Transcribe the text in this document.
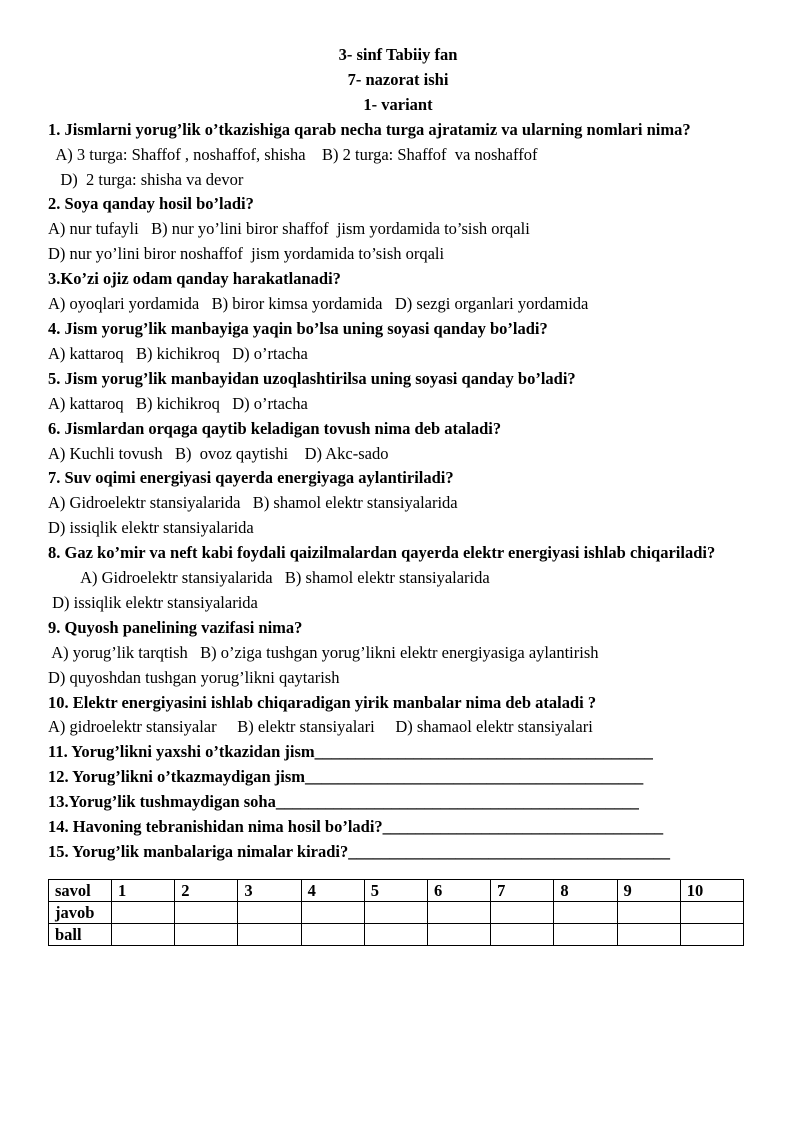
3- sinf Tabiiy fan
7- nazorat ishi
1- variant
1. Jismlarni yorug’lik o’tkazishiga qarab necha turga ajratamiz va ularning nomlari nima?
A) 3 turga: Shaffof , noshaffof, shisha    B) 2 turga: Shaffof  va noshaffof
D)  2 turga: shisha va devor
2. Soya qanday hosil bo’ladi?
A) nur tufayli   B) nur yo’lini biror shaffof  jism yordamida to’sish orqali
D) nur yo’lini biror noshaffof  jism yordamida to’sish orqali
3.Ko’zi ojiz odam qanday harakatlanadi?
A) oyoqlari yordamida   B) biror kimsa yordamida   D) sezgi organlari yordamida
4. Jism yorug’lik manbayiga yaqin bo’lsa uning soyasi qanday bo’ladi?
A) kattaroq   B) kichikroq   D) o’rtacha
5. Jism yorug’lik manbayidan uzoqlashtirilsa uning soyasi qanday bo’ladi?
A) kattaroq   B) kichikroq   D) o’rtacha
6. Jismlardan orqaga qaytib keladigan tovush nima deb ataladi?
A) Kuchli tovush   B)  ovoz qaytishi    D) Akc-sado
7. Suv oqimi energiyasi qayerda energiyaga aylantiriladi?
A) Gidroelektr stansiyalarida   B) shamol elektr stansiyalarida
D) issiqlik elektr stansiyalarida
8. Gaz ko’mir va neft kabi foydali qaizilmalardan qayerda elektr energiyasi ishlab chiqariladi?        A) Gidroelektr stansiyalarida   B) shamol elektr stansiyalarida
D) issiqlik elektr stansiyalarida
9. Quyosh panelining vazifasi nima?
A) yorug’lik tarqtish   B) o’ziga tushgan yorug’likni elektr energiyasiga aylantirish
D) quyoshdan tushgan yorug’likni qaytarish
10. Elektr energiyasini ishlab chiqaradigan yirik manbalar nima deb ataladi ?
A) gidroelektr stansiyalar     B) elektr stansiyalari     D) shamaol elektr stansiyalari
11. Yorug’likni yaxshi o’tkazidan jism_________________________________________
12. Yorug’likni o’tkazmaydigan jism_________________________________________
13.Yorug’lik tushmaydigan soha____________________________________________
14. Havoning tebranishidan nima hosil bo’ladi?__________________________________
15. Yorug’lik manbalariga nimalar kiradi?_______________________________________
savol	1	2	3	4	5	6	7	8	9	10
javob										
ball										
